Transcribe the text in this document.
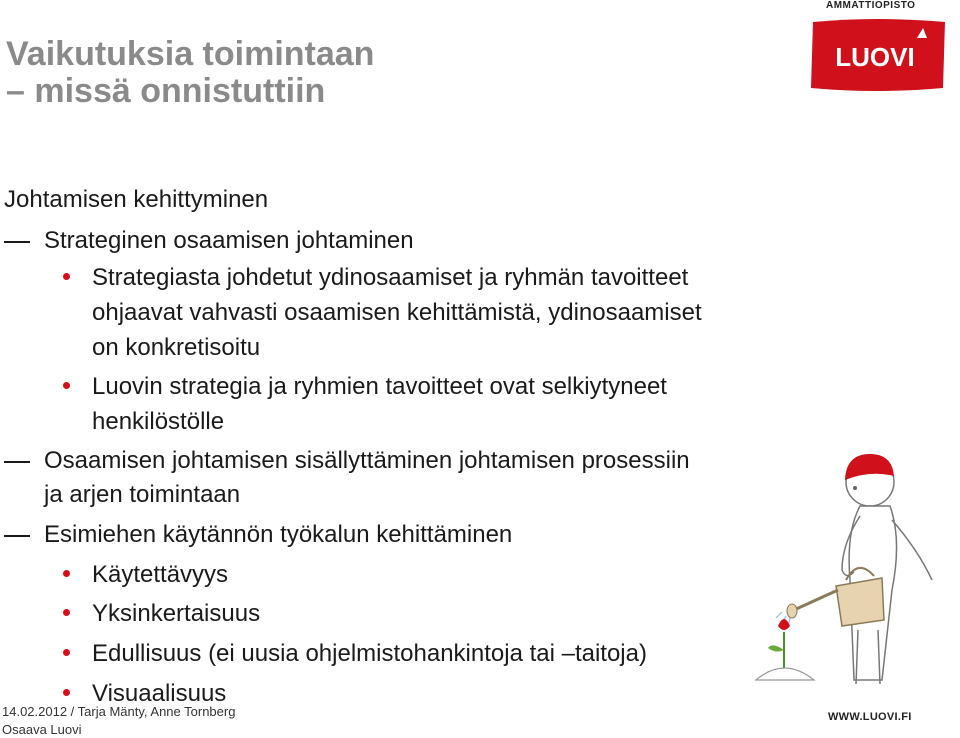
Vaikutuksia toimintaan
– missä onnistuttiin
AMMATTIOPISTO
LUOVI
Johtamisen kehittyminen
Strateginen osaamisen johtaminen
Strategiasta johdetut ydinosaamiset ja ryhmän tavoitteet
ohjaavat vahvasti osaamisen kehittämistä, ydinosaamiset
on konkretisoitu
Luovin strategia ja ryhmien tavoitteet ovat selkiytyneet
henkilöstölle
Osaamisen johtamisen sisällyttäminen johtamisen prosessiin
ja arjen toimintaan
Esimiehen käytännön työkalun kehittäminen
Käytettävyys
Yksinkertaisuus
Edullisuus (ei uusia ohjelmistohankintoja tai –taitoja)
Visuaalisuus
14.02.2012 / Tarja Mänty, Anne Tornberg
Osaava Luovi
WWW.LUOVI.FI
